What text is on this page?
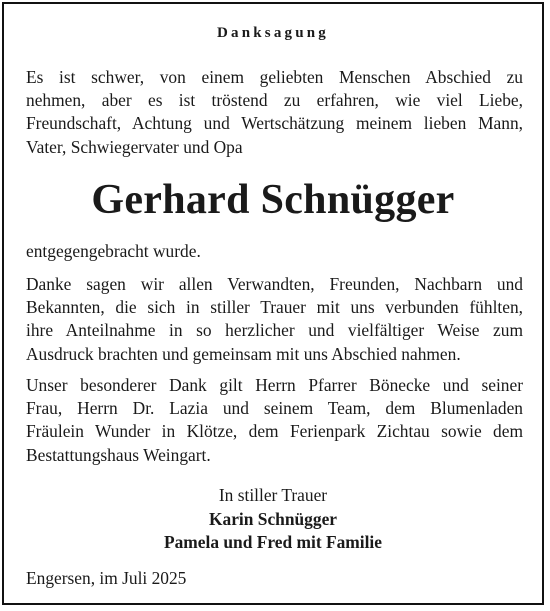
Danksagung
Es ist schwer, von einem geliebten Menschen Abschied zu
nehmen, aber es ist tröstend zu erfahren, wie viel Liebe,
Freundschaft, Achtung und Wertschätzung meinem lieben Mann,
Vater, Schwiegervater und Opa
Gerhard Schnügger
entgegengebracht wurde.
Danke sagen wir allen Verwandten, Freunden, Nachbarn und
Bekannten, die sich in stiller Trauer mit uns verbunden fühlten,
ihre Anteilnahme in so herzlicher und vielfältiger Weise zum
Ausdruck brachten und gemeinsam mit uns Abschied nahmen.
Unser besonderer Dank gilt Herrn Pfarrer Bönecke und seiner
Frau, Herrn Dr. Lazia und seinem Team, dem Blumenladen
Fräulein Wunder in Klötze, dem Ferienpark Zichtau sowie dem
Bestattungshaus Weingart.
In stiller Trauer
Karin Schnügger
Pamela und Fred mit Familie
Engersen, im Juli 2025
